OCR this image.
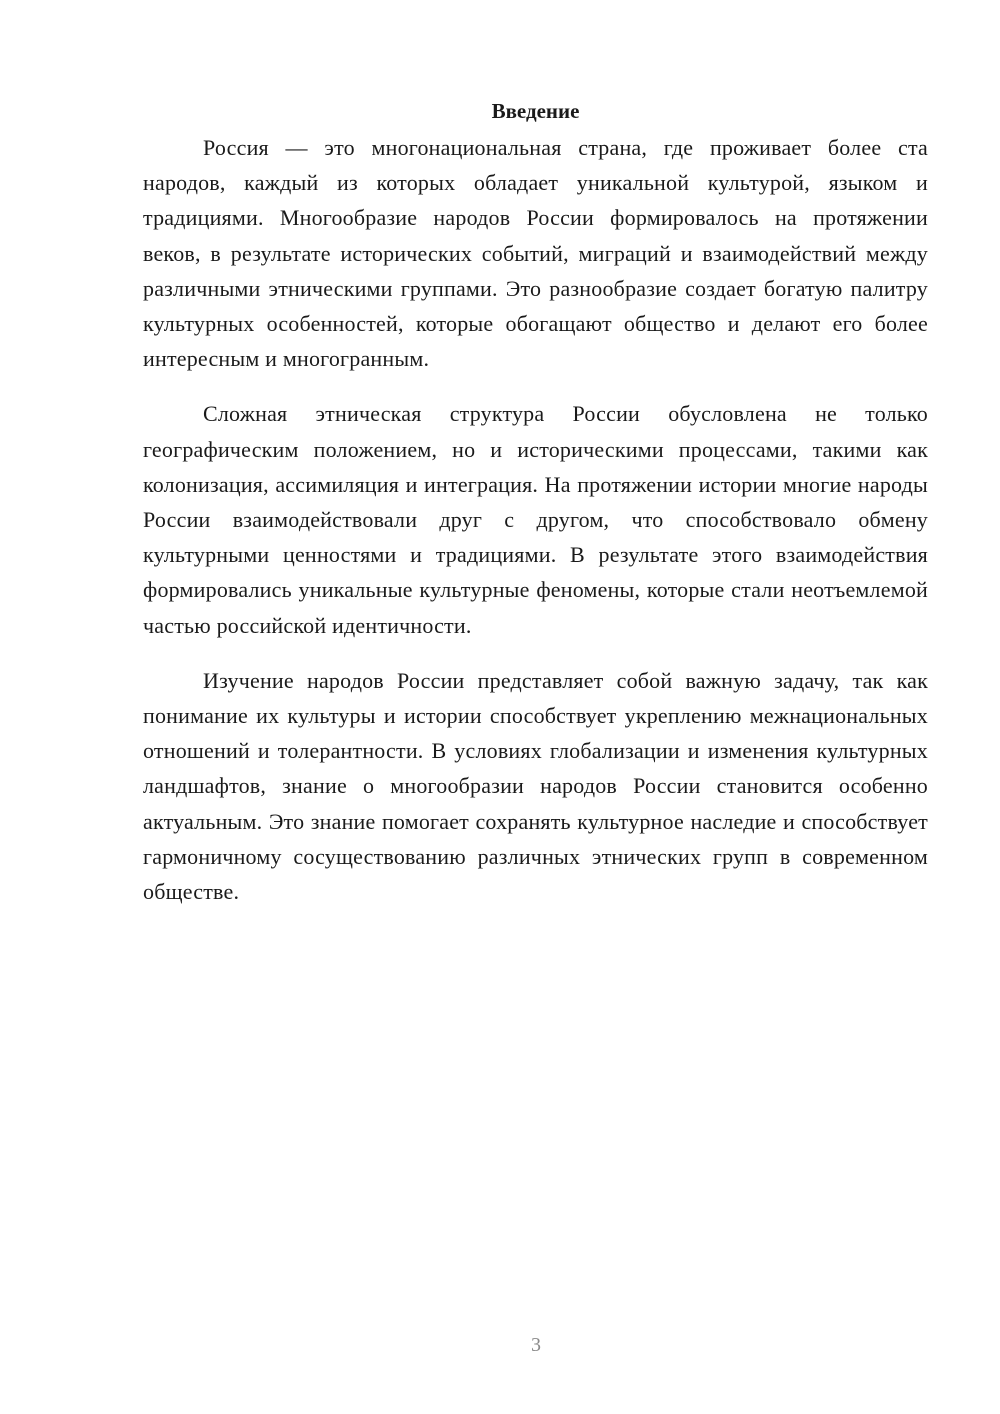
Введение

Россия — это многонациональная страна, где проживает более ста народов, каждый из которых обладает уникальной культурой, языком и традициями. Многообразие народов России формировалось на протяжении веков, в результате исторических событий, миграций и взаимодействий между различными этническими группами. Это разнообразие создает богатую палитру культурных особенностей, которые обогащают общество и делают его более интересным и многогранным.

Сложная этническая структура России обусловлена не только географическим положением, но и историческими процессами, такими как колонизация, ассимиляция и интеграция. На протяжении истории многие народы России взаимодействовали друг с другом, что способствовало обмену культурными ценностями и традициями. В результате этого взаимодействия формировались уникальные культурные феномены, которые стали неотъемлемой частью российской идентичности.

Изучение народов России представляет собой важную задачу, так как понимание их культуры и истории способствует укреплению межнациональных отношений и толерантности. В условиях глобализации и изменения культурных ландшафтов, знание о многообразии народов России становится особенно актуальным. Это знание помогает сохранять культурное наследие и способствует гармоничному сосуществованию различных этнических групп в современном обществе.

3
